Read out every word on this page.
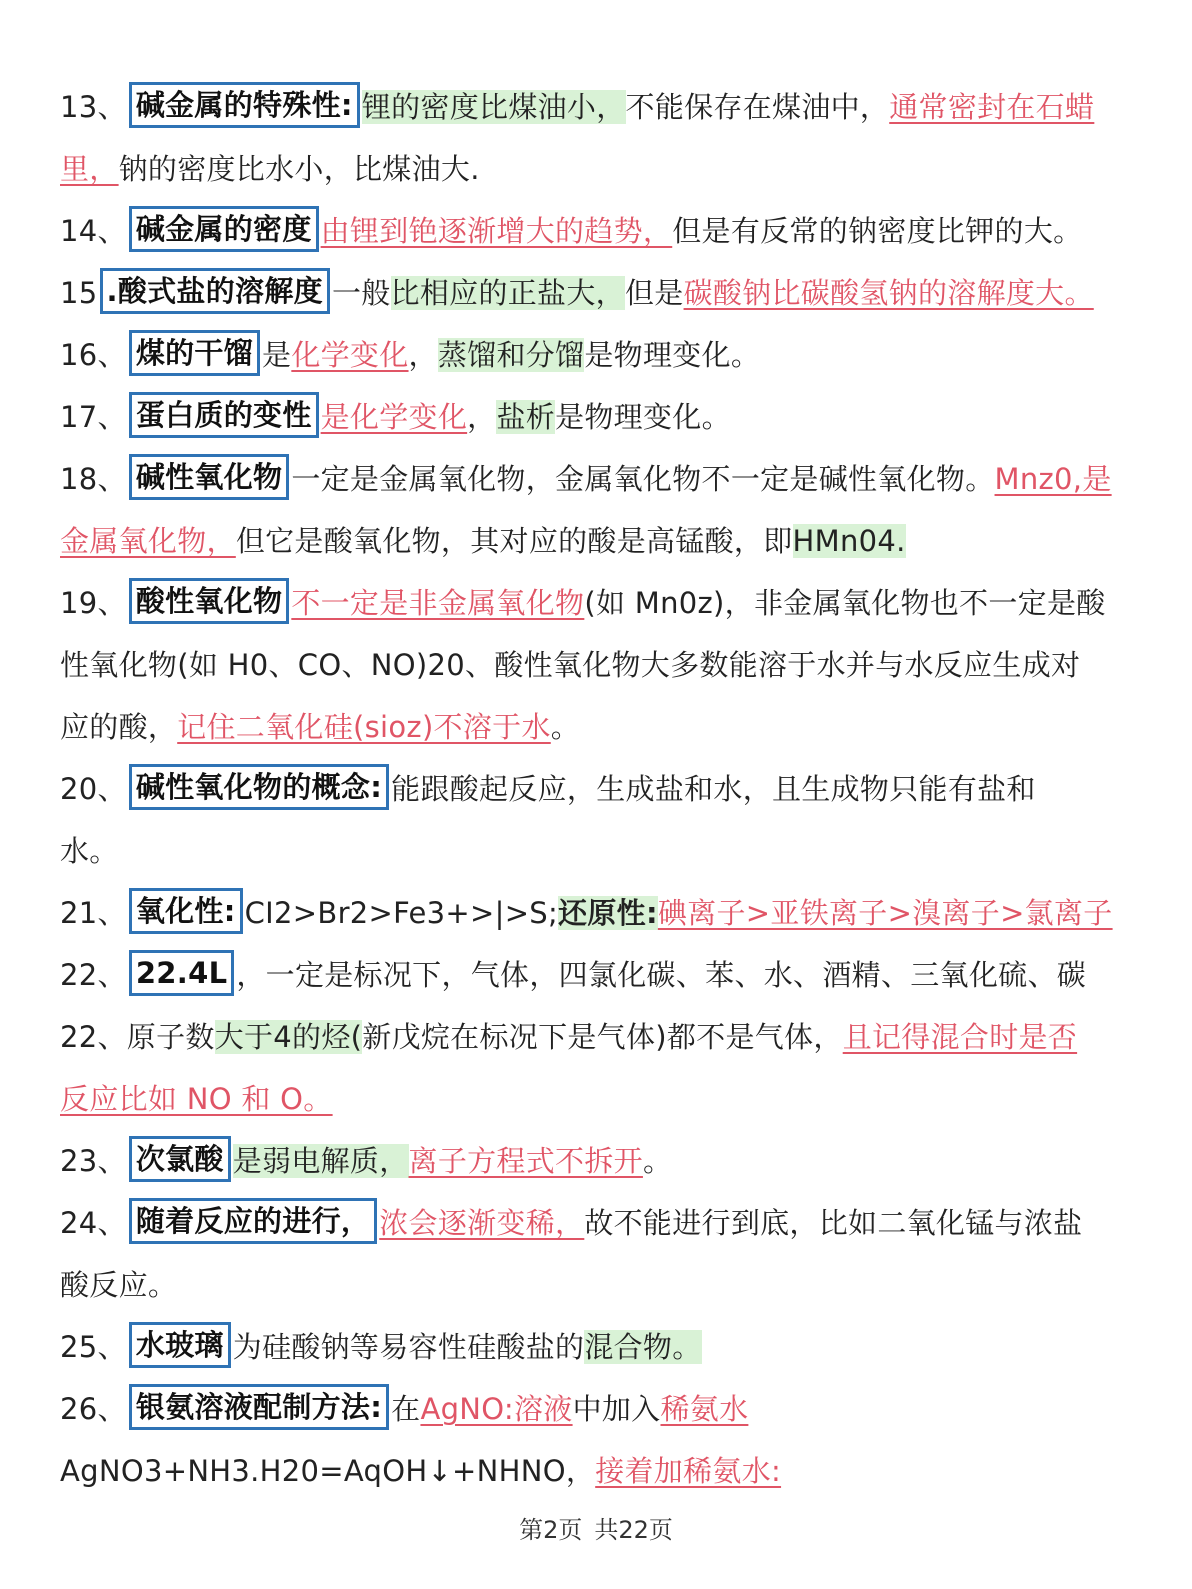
13、 碱金属的特殊性: 锂的密度比煤油小，不能保存在煤油中，通常密封在石蜡
里，钠的密度比水小，比煤油大.
14、 碱金属的密度 由锂到铯逐渐增大的趋势，但是有反常的钠密度比钾的大。
15 .酸式盐的溶解度 一般比相应的正盐大，但是碳酸钠比碳酸氢钠的溶解度大。
16、 煤的干馏 是化学变化，蒸馏和分馏是物理变化。
17、 蛋白质的变性 是化学变化，盐析是物理变化。
18、 碱性氧化物 一定是金属氧化物，金属氧化物不一定是碱性氧化物。Mnz0,是
金属氧化物，但它是酸氧化物，其对应的酸是高锰酸，即HMn04.
19、 酸性氧化物 不一定是非金属氧化物(如 Mn0z)，非金属氧化物也不一定是酸
性氧化物(如 H0、CO、NO)20、酸性氧化物大多数能溶于水并与水反应生成对
应的酸，记住二氧化硅(sioz)不溶于水。
20、 碱性氧化物的概念: 能跟酸起反应，生成盐和水，且生成物只能有盐和
水。
21、 氧化性: CI2>Br2>Fe3+>|>S;还原性:碘离子>亚铁离子>溴离子>氯离子
22、 22.4L ，一定是标况下，气体，四氯化碳、苯、水、酒精、三氧化硫、碳
22、原子数大于4的烃(新戊烷在标况下是气体)都不是气体，且记得混合时是否
反应比如 NO 和 O。
23、 次氯酸 是弱电解质，离子方程式不拆开。
24、 随着反应的进行， 浓会逐渐变稀，故不能进行到底，比如二氧化锰与浓盐
酸反应。
25、 水玻璃 为硅酸钠等易容性硅酸盐的混合物。
26、 银氨溶液配制方法: 在AgNO:溶液中加入稀氨水
AgNO3+NH3.H20=AqOH↓+NHNO，接着加稀氨水:
第2页 共22页
